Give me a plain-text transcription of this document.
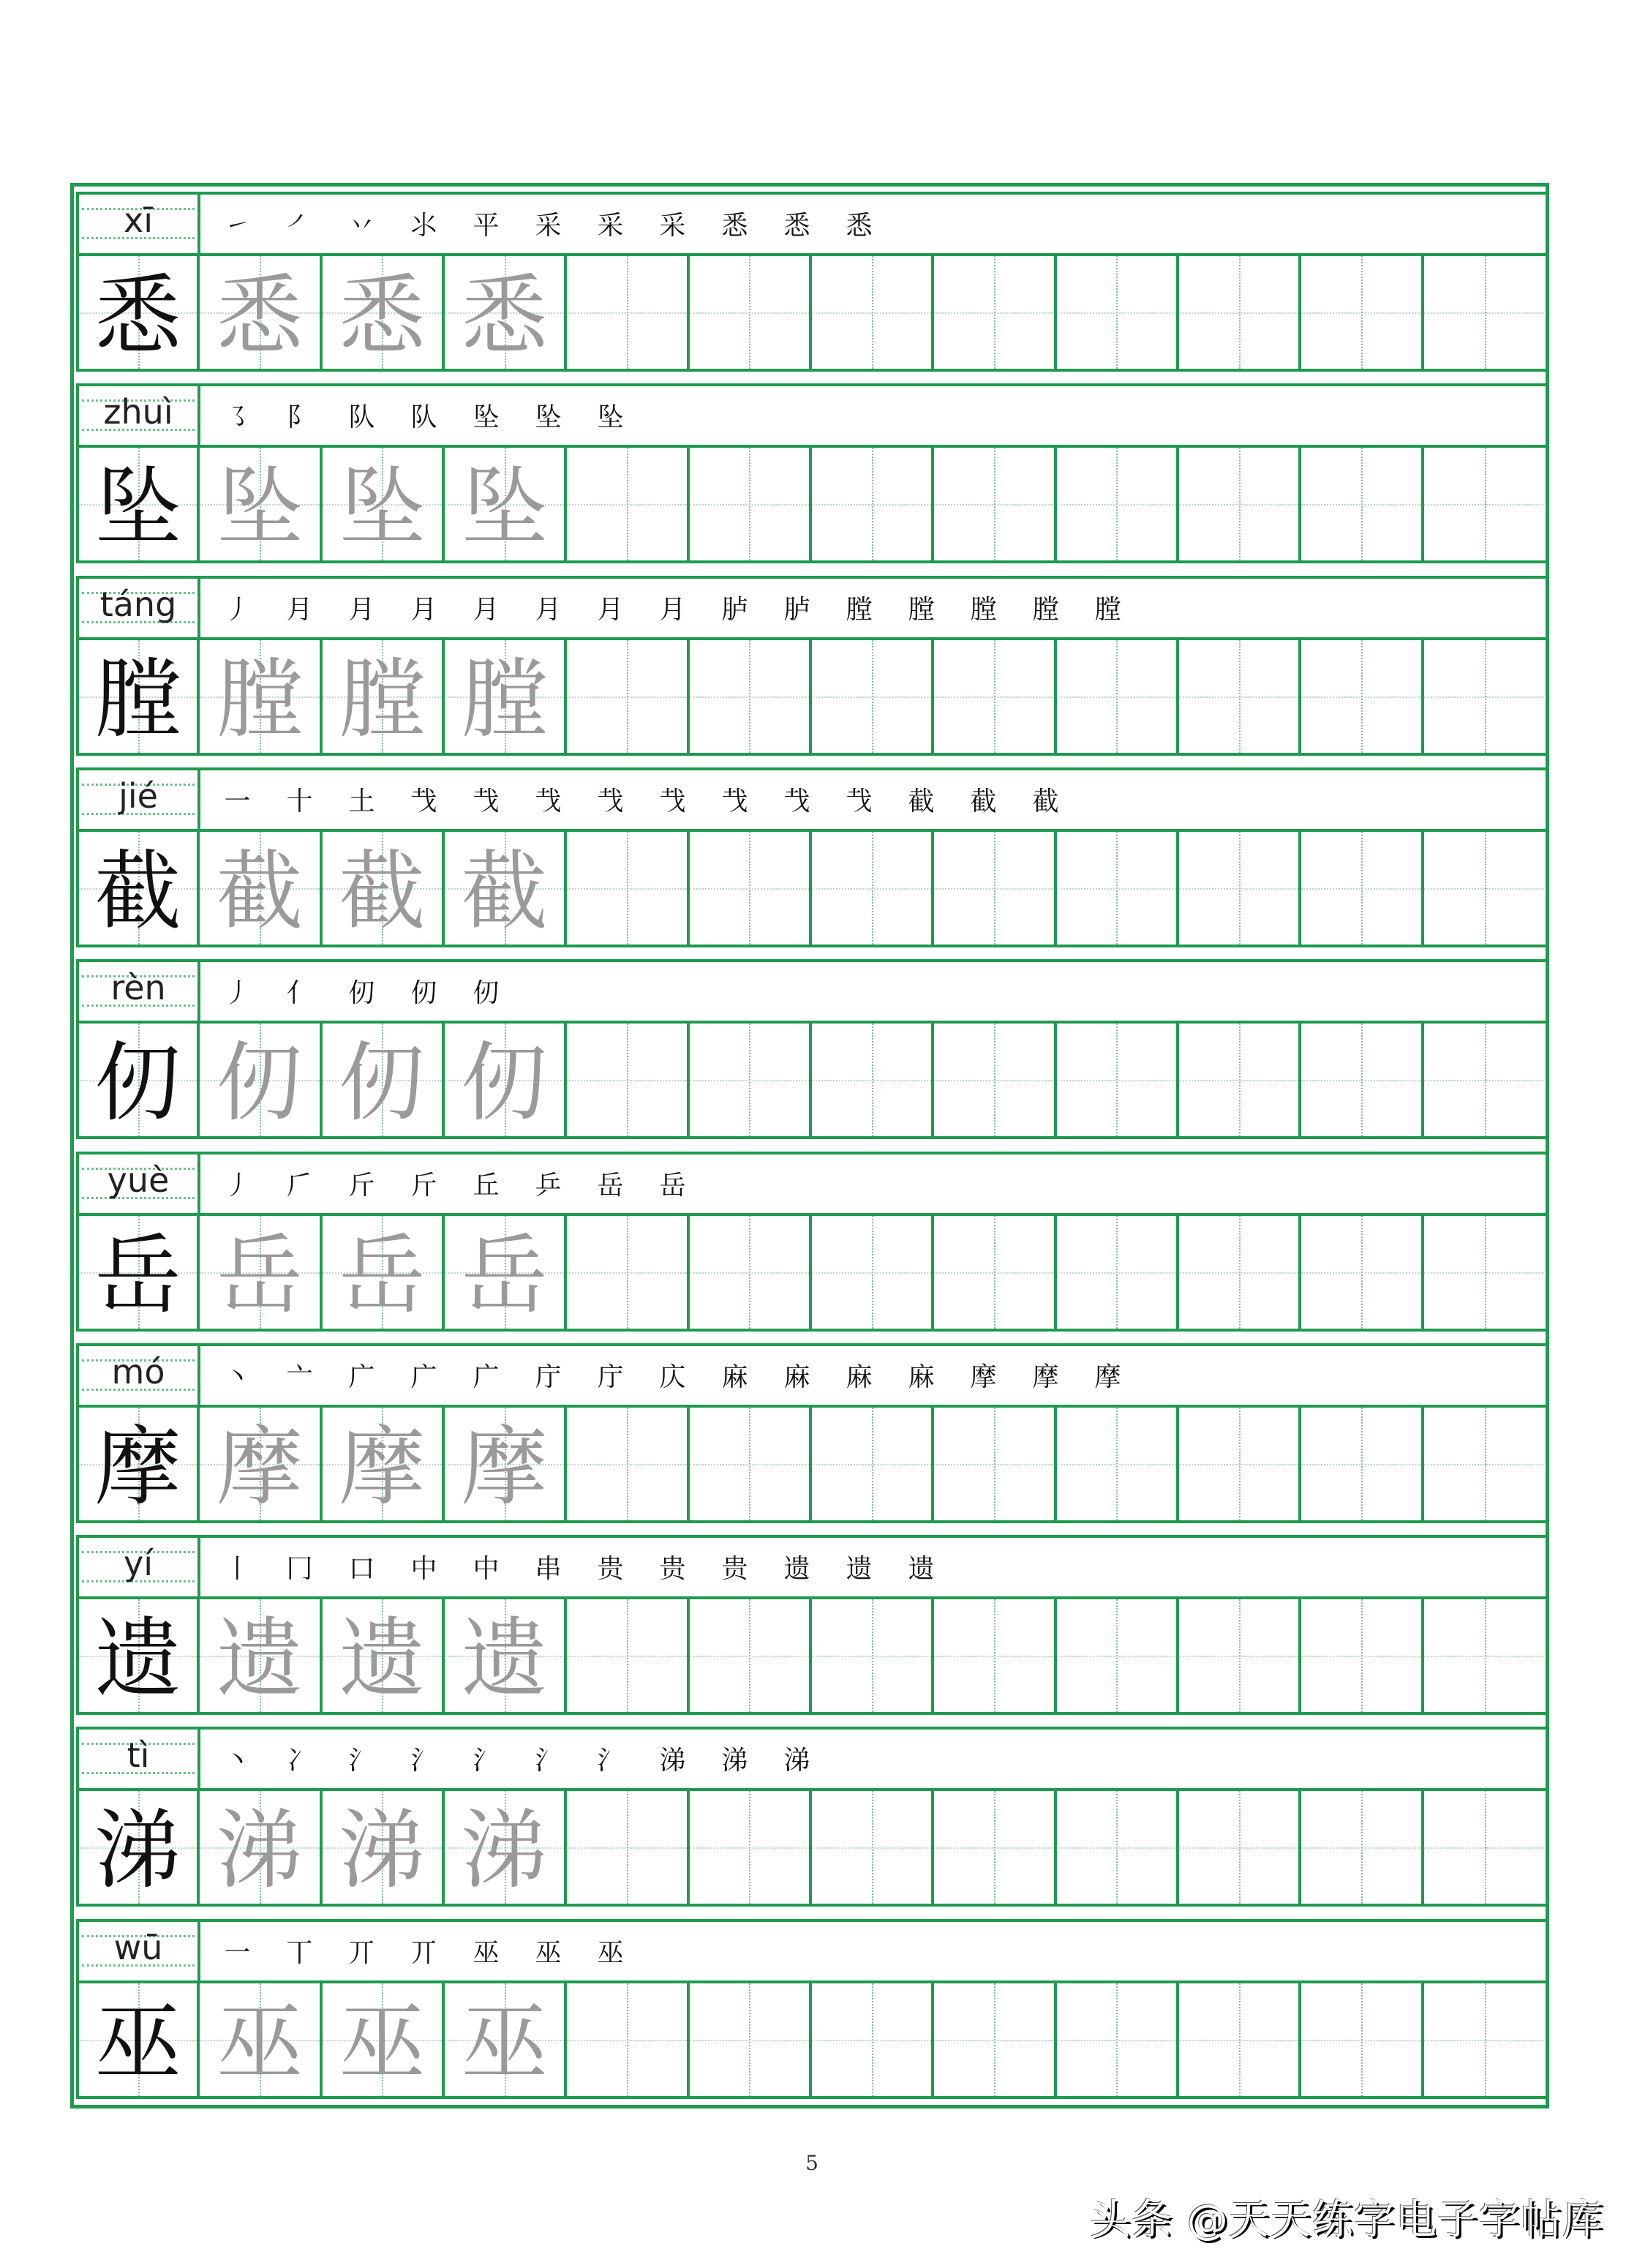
xī	㇀	㇒	丷	⺢	平	采	采	采	悉	悉	悉
悉 悉 悉 悉
zhuì	㇌	阝	队	队	坠	坠	坠
坠 坠 坠 坠
táng	丿	月	月	月	月	月	月	月	胪	胪	膛	膛	膛	膛	膛
膛 膛 膛 膛
jié	一	十	土	𢦏	𢦏	𢦏	𢦏	𢦏	𢦏	𢦏	𢦏	截	截	截
截 截 截 截
rèn	丿	亻	仞	仞	仞
仞 仞 仞 仞
yuè	丿	𠂆	斤	斤	丘	乒	岳	岳
岳 岳 岳 岳
mó	丶	亠	广	广	广	庁	庁	庂	麻	麻	麻	麻	摩	摩	摩
摩 摩 摩 摩
yí	丨	冂	口	中	中	串	贵	贵	贵	遗	遗	遗
遗 遗 遗 遗
tì	丶	冫	氵	氵	氵	氵	氵	涕	涕	涕
涕 涕 涕 涕
wū	一	丅	丌	丌	巫	巫	巫
巫 巫 巫 巫
5
头条 @天天练字电子字帖库
